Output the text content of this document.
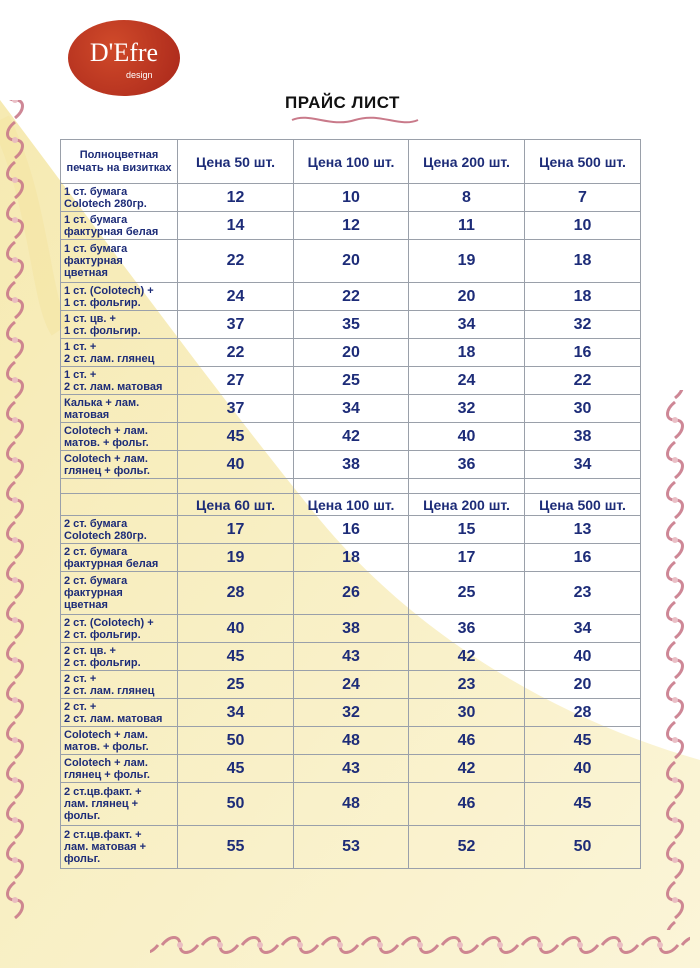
D'Efre
design
ПРАЙС ЛИСТ
Полноцветная печать на визитках	Цена 50 шт.	Цена 100 шт.	Цена 200 шт.	Цена 500 шт.

1 ст. бумага
Colotech 280гр.	12	10	8	7

1 ст. бумага
фактурная белая	14	12	11	10

1 ст. бумага
фактурная
цветная	22	20	19	18

1 ст. (Colotech) +
1 ст. фольгир.	24	22	20	18

1 ст. цв. +
1 ст. фольгир.	37	35	34	32

1 ст. +
2 ст. лам. глянец	22	20	18	16

1 ст. +
2 ст. лам. матовая	27	25	24	22

Калька + лам.
матовая	37	34	32	30

Colotech + лам.
матов. + фольг.	45	42	40	38

Colotech + лам.
глянец + фольг.	40	38	36	34

	Цена 60 шт.	Цена 100 шт.	Цена 200 шт.	Цена 500 шт.

2 ст. бумага
Colotech 280гр.	17	16	15	13

2 ст. бумага
фактурная белая	19	18	17	16

2 ст. бумага
фактурная
цветная	28	26	25	23

2 ст. (Colotech) +
2 ст. фольгир.	40	38	36	34

2 ст. цв. +
2 ст. фольгир.	45	43	42	40

2 ст. +
2 ст. лам. глянец	25	24	23	20

2 ст. +
2 ст. лам. матовая	34	32	30	28

Colotech + лам.
матов. + фольг.	50	48	46	45

Colotech + лам.
глянец + фольг.	45	43	42	40

2 ст.цв.факт. +
лам. глянец +
фольг.	50	48	46	45

2 ст.цв.факт. +
лам. матовая +
фольг.	55	53	52	50
